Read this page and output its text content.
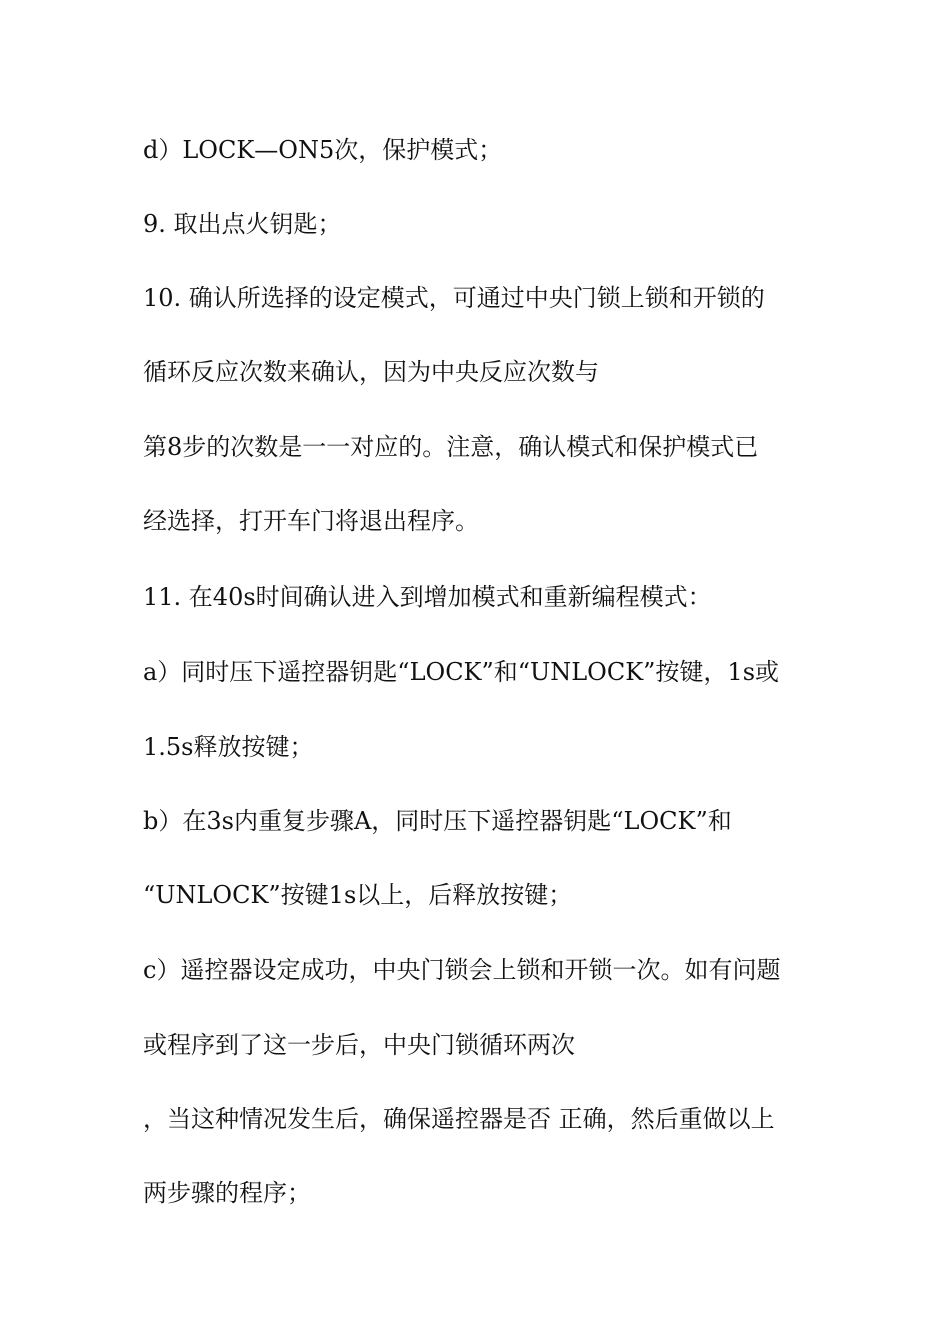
d）LOCK—ON5次，保护模式；
9. 取出点火钥匙；
10. 确认所选择的设定模式，可通过中央门锁上锁和开锁的
循环反应次数来确认，因为中央反应次数与
第8步的次数是一一对应的。注意，确认模式和保护模式已
经选择，打开车门将退出程序。
11. 在40s时间确认进入到增加模式和重新编程模式：
a）同时压下遥控器钥匙“LOCK”和“UNLOCK”按键，1s或
1.5s释放按键；
b）在3s内重复步骤A，同时压下遥控器钥匙“LOCK”和
“UNLOCK”按键1s以上，后释放按键；
c）遥控器设定成功，中央门锁会上锁和开锁一次。如有问题
或程序到了这一步后，中央门锁循环两次
，当这种情况发生后，确保遥控器是否 正确，然后重做以上
两步骤的程序；
